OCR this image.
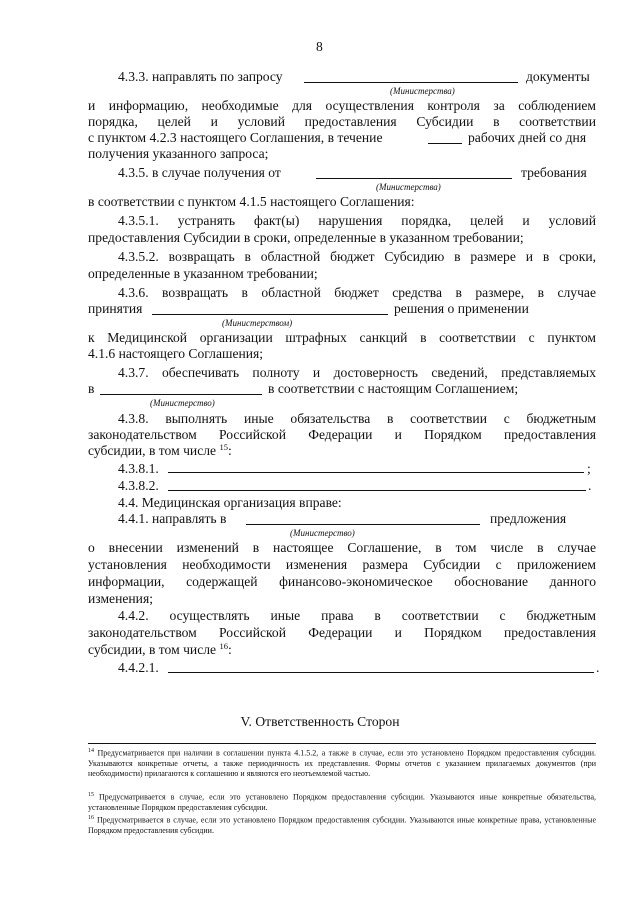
8
4.3.3. направлять по запросу	документы
(Министерства)
и информацию, необходимые для осуществления контроля за соблюдением
порядка, целей и условий предоставления Субсидии в соответствии
с пунктом 4.2.3 настоящего Соглашения, в течение	рабочих дней со дня
получения указанного запроса;
4.3.5. в случае получения от	требования
(Министерства)
в соответствии с пунктом 4.1.5 настоящего Соглашения:
4.3.5.1. устранять факт(ы) нарушения порядка, целей и условий
предоставления Субсидии в сроки, определенные в указанном требовании;
4.3.5.2. возвращать в областной бюджет Субсидию в размере и в сроки,
определенные в указанном требовании;
4.3.6. возвращать в областной бюджет средства в размере, в случае
принятия	решения о применении
(Министерством)
к Медицинской организации штрафных санкций в соответствии с пунктом
4.1.6 настоящего Соглашения;
4.3.7. обеспечивать полноту и достоверность сведений, представляемых
в	в соответствии с настоящим Соглашением;
(Министерство)
4.3.8. выполнять иные обязательства в соответствии с бюджетным
законодательством Российской Федерации и Порядком предоставления
субсидии, в том числе $^{15}$:
4.3.8.1.	;
4.3.8.2.	.
4.4. Медицинская организация вправе:
4.4.1. направлять в	предложения
(Министерство)
о внесении изменений в настоящее Соглашение, в том числе в случае
установления необходимости изменения размера Субсидии с приложением
информации, содержащей финансово-экономическое обоснование данного
изменения;
4.4.2. осуществлять иные права в соответствии с бюджетным
законодательством Российской Федерации и Порядком предоставления
субсидии, в том числе $^{16}$:
4.4.2.1.	.
V. Ответственность Сторон
$^{14}$ Предусматривается при наличии в соглашении пункта 4.1.5.2, а также в случае, если это установлено Порядком предоставления субсидии. Указываются конкретные отчеты, а также периодичность их представления. Формы отчетов с указанием прилагаемых документов (при необходимости) прилагаются к соглашению и являются его неотъемлемой частью.
$^{15}$ Предусматривается в случае, если это установлено Порядком предоставления субсидии. Указываются иные конкретные обязательства, установленные Порядком предоставления субсидии.
$^{16}$ Предусматривается в случае, если это установлено Порядком предоставления субсидии. Указываются иные конкретные права, установленные Порядком предоставления субсидии.
